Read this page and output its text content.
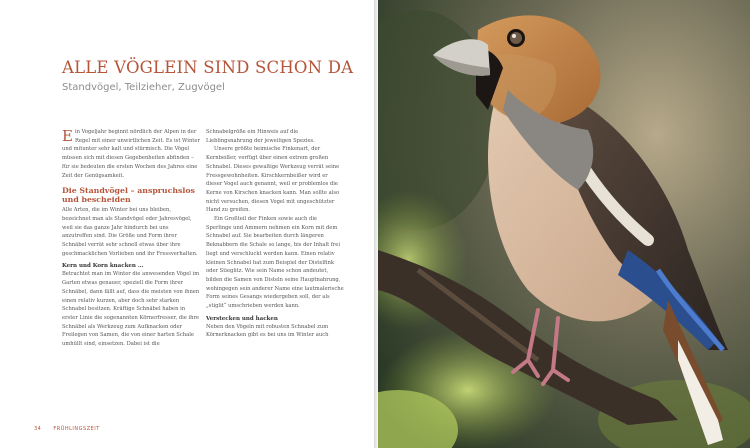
ALLE VÖGLEIN SIND SCHON DA
Standvögel, Teilzieher, Zugvögel

Ein Vogeljahr beginnt nördlich der Alpen in der Regel mit einer unwirtlichen Zeit. Es ist Winter und mitunter sehr kalt und stürmisch. Die Vögel müssen sich mit diesen Gegebenheiten abfinden – für sie bedeuten die ersten Wochen des Jahres eine Zeit der Genügsamkeit.

Die Standvögel – anspruchslos und bescheiden

Alle Arten, die im Winter bei uns bleiben, bezeichnet man als Standvögel oder Jahresvögel, weil sie das ganze Jahr hindurch bei uns anzutreffen sind. Die Größe und Form ihrer Schnäbel verrät sehr schnell etwas über ihre geschmacklichen Vorlieben und ihr Fressverhalten.

Kern und Korn knacken …

Betrachtet man im Winter die anwesenden Vögel im Garten etwas genauer, speziell die Form ihrer Schnäbel, dann fällt auf, dass die meisten von ihnen einen relativ kurzen, aber doch sehr starken Schnabel besitzen. Kräftige Schnäbel haben in erster Linie die sogenannten Körnerfresser, die ihre Schnäbel als Werkzeug zum Aufknacken oder Freilegen von Samen, die von einer harten Schale umhüllt sind, einsetzen. Dabei ist die

Schnabelgröße ein Hinweis auf die Lieblingsnahrung der jeweiligen Spezies.

Unsere größte heimische Finkenart, der Kernbeißer, verfügt über einen extrem großen Schnabel. Dieses gewaltige Werkzeug verrät seine Fressgewohnheiten. Kirschkernbeißer wird er dieser Vogel auch genannt, weil er problemlos die Kerne von Kirschen knacken kann. Man sollte also nicht versuchen, diesen Vogel mit ungeschützter Hand zu greifen.

Ein Großteil der Finken sowie auch die Sperlinge und Ammern nehmen ein Korn mit dem Schnabel auf. Sie bearbeiten durch längeren Beknabbern die Schale so lange, bis der Inhalt frei liegt und verschluckt werden kann. Einen relativ kleinen Schnabel hat zum Beispiel der Distelfink oder Stieglitz. Wie sein Name schon andeutet, bilden die Samen von Disteln seine Hauptnahrung, wohingegen sein anderer Name eine lautmalerische Form seines Gesangs wiedergeben soll, der als „stiglit“ umschrieben werden kann.

Verstecken und hacken

Neben den Vögeln mit robusten Schnabel zum Körnerknacken gibt es bei uns im Winter auch

34 FRÜHLINGSZEIT
